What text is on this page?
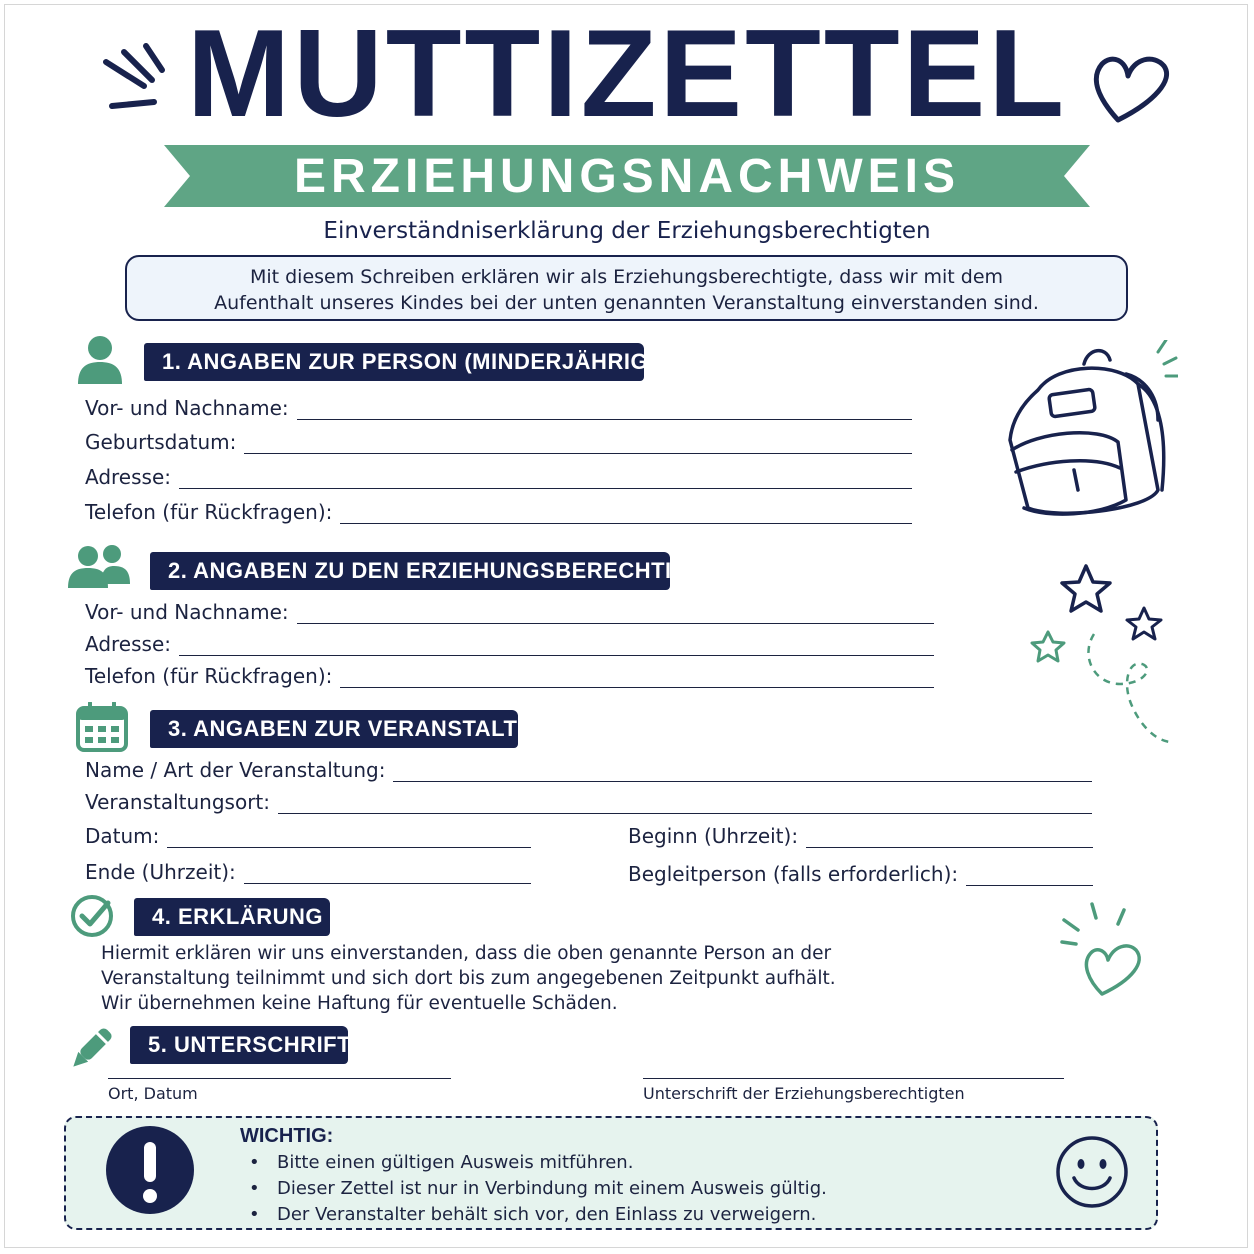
MUTTIZETTEL
ERZIEHUNGSNACHWEIS
Einverständniserklärung der Erziehungsberechtigten
Mit diesem Schreiben erklären wir als Erziehungsberechtigte, dass wir mit dem
Aufenthalt unseres Kindes bei der unten genannten Veranstaltung einverstanden sind.
1. ANGABEN ZUR PERSON (MINDERJÄHRIGE/R)
Vor- und Nachname:
Geburtsdatum:
Adresse:
Telefon (für Rückfragen):
2. ANGABEN ZU DEN ERZIEHUNGSBERECHTIGTEN
Vor- und Nachname:
Adresse:
Telefon (für Rückfragen):
3. ANGABEN ZUR VERANSTALTUNG
Name / Art der Veranstaltung:
Veranstaltungsort:
Datum:	Beginn (Uhrzeit):
Ende (Uhrzeit):	Begleitperson (falls erforderlich):
4. ERKLÄRUNG
Hiermit erklären wir uns einverstanden, dass die oben genannte Person an der
Veranstaltung teilnimmt und sich dort bis zum angegebenen Zeitpunkt aufhält.
Wir übernehmen keine Haftung für eventuelle Schäden.
5. UNTERSCHRIFT
Ort, Datum	Unterschrift der Erziehungsberechtigten
WICHTIG:
• Bitte einen gültigen Ausweis mitführen.
• Dieser Zettel ist nur in Verbindung mit einem Ausweis gültig.
• Der Veranstalter behält sich vor, den Einlass zu verweigern.
